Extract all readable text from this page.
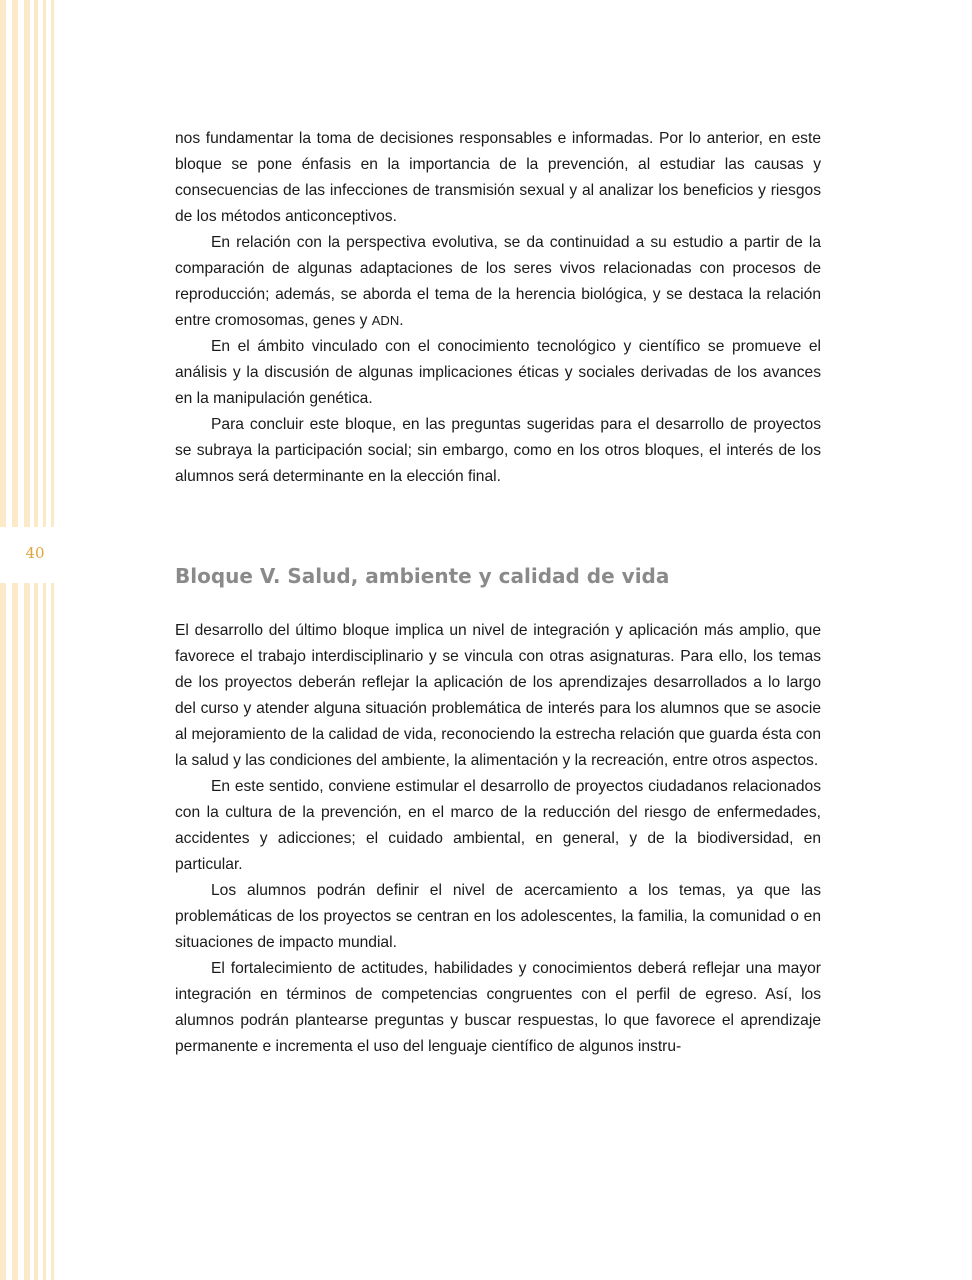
40

nos fundamentar la toma de decisiones responsables e informadas. Por lo anterior, en este bloque se pone énfasis en la importancia de la prevención, al estudiar las causas y consecuencias de las infecciones de transmisión sexual y al analizar los beneficios y riesgos de los métodos anticonceptivos.

En relación con la perspectiva evolutiva, se da continuidad a su estudio a partir de la comparación de algunas adaptaciones de los seres vivos relacionadas con procesos de reproducción; además, se aborda el tema de la herencia biológica, y se destaca la relación entre cromosomas, genes y ADN.

En el ámbito vinculado con el conocimiento tecnológico y científico se promueve el análisis y la discusión de algunas implicaciones éticas y sociales derivadas de los avances en la manipulación genética.

Para concluir este bloque, en las preguntas sugeridas para el desarrollo de proyectos se subraya la participación social; sin embargo, como en los otros bloques, el interés de los alumnos será determinante en la elección final.

Bloque V. Salud, ambiente y calidad de vida

El desarrollo del último bloque implica un nivel de integración y aplicación más amplio, que favorece el trabajo interdisciplinario y se vincula con otras asignaturas. Para ello, los temas de los proyectos deberán reflejar la aplicación de los aprendizajes desarrollados a lo largo del curso y atender alguna situación problemática de interés para los alumnos que se asocie al mejoramiento de la calidad de vida, reconociendo la estrecha relación que guarda ésta con la salud y las condiciones del ambiente, la alimentación y la recreación, entre otros aspectos.

En este sentido, conviene estimular el desarrollo de proyectos ciudadanos relacionados con la cultura de la prevención, en el marco de la reducción del riesgo de enfermedades, accidentes y adicciones; el cuidado ambiental, en general, y de la biodiversidad, en particular.

Los alumnos podrán definir el nivel de acercamiento a los temas, ya que las problemáticas de los proyectos se centran en los adolescentes, la familia, la comunidad o en situaciones de impacto mundial.

El fortalecimiento de actitudes, habilidades y conocimientos deberá reflejar una mayor integración en términos de competencias congruentes con el perfil de egreso. Así, los alumnos podrán plantearse preguntas y buscar respuestas, lo que favorece el aprendizaje permanente e incrementa el uso del lenguaje científico de algunos instru-
